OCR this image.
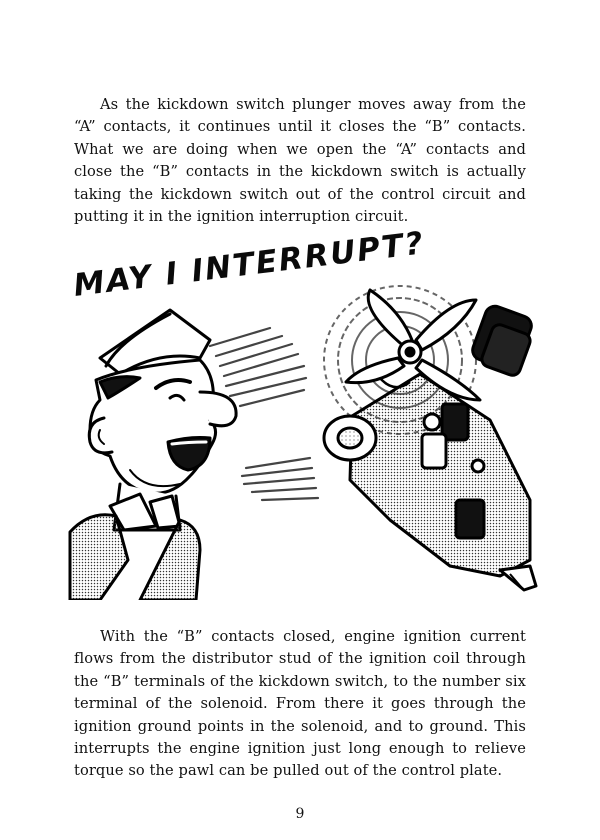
As the kickdown switch plunger moves away from the “A” contacts, it continues until it closes the “B” contacts. What we are doing when we open the “A” contacts and close the “B” contacts in the kickdown switch is actually taking the kickdown switch out of the control circuit and putting it in the ignition interruption circuit.

MAY I INTERRUPT?

With the “B” contacts closed, engine ignition current flows from the distributor stud of the ignition coil through the “B” terminals of the kickdown switch, to the number six terminal of the solenoid. From there it goes through the ignition ground points in the solenoid, and to ground. This interrupts the engine ignition just long enough to relieve torque so the pawl can be pulled out of the control plate.

9
